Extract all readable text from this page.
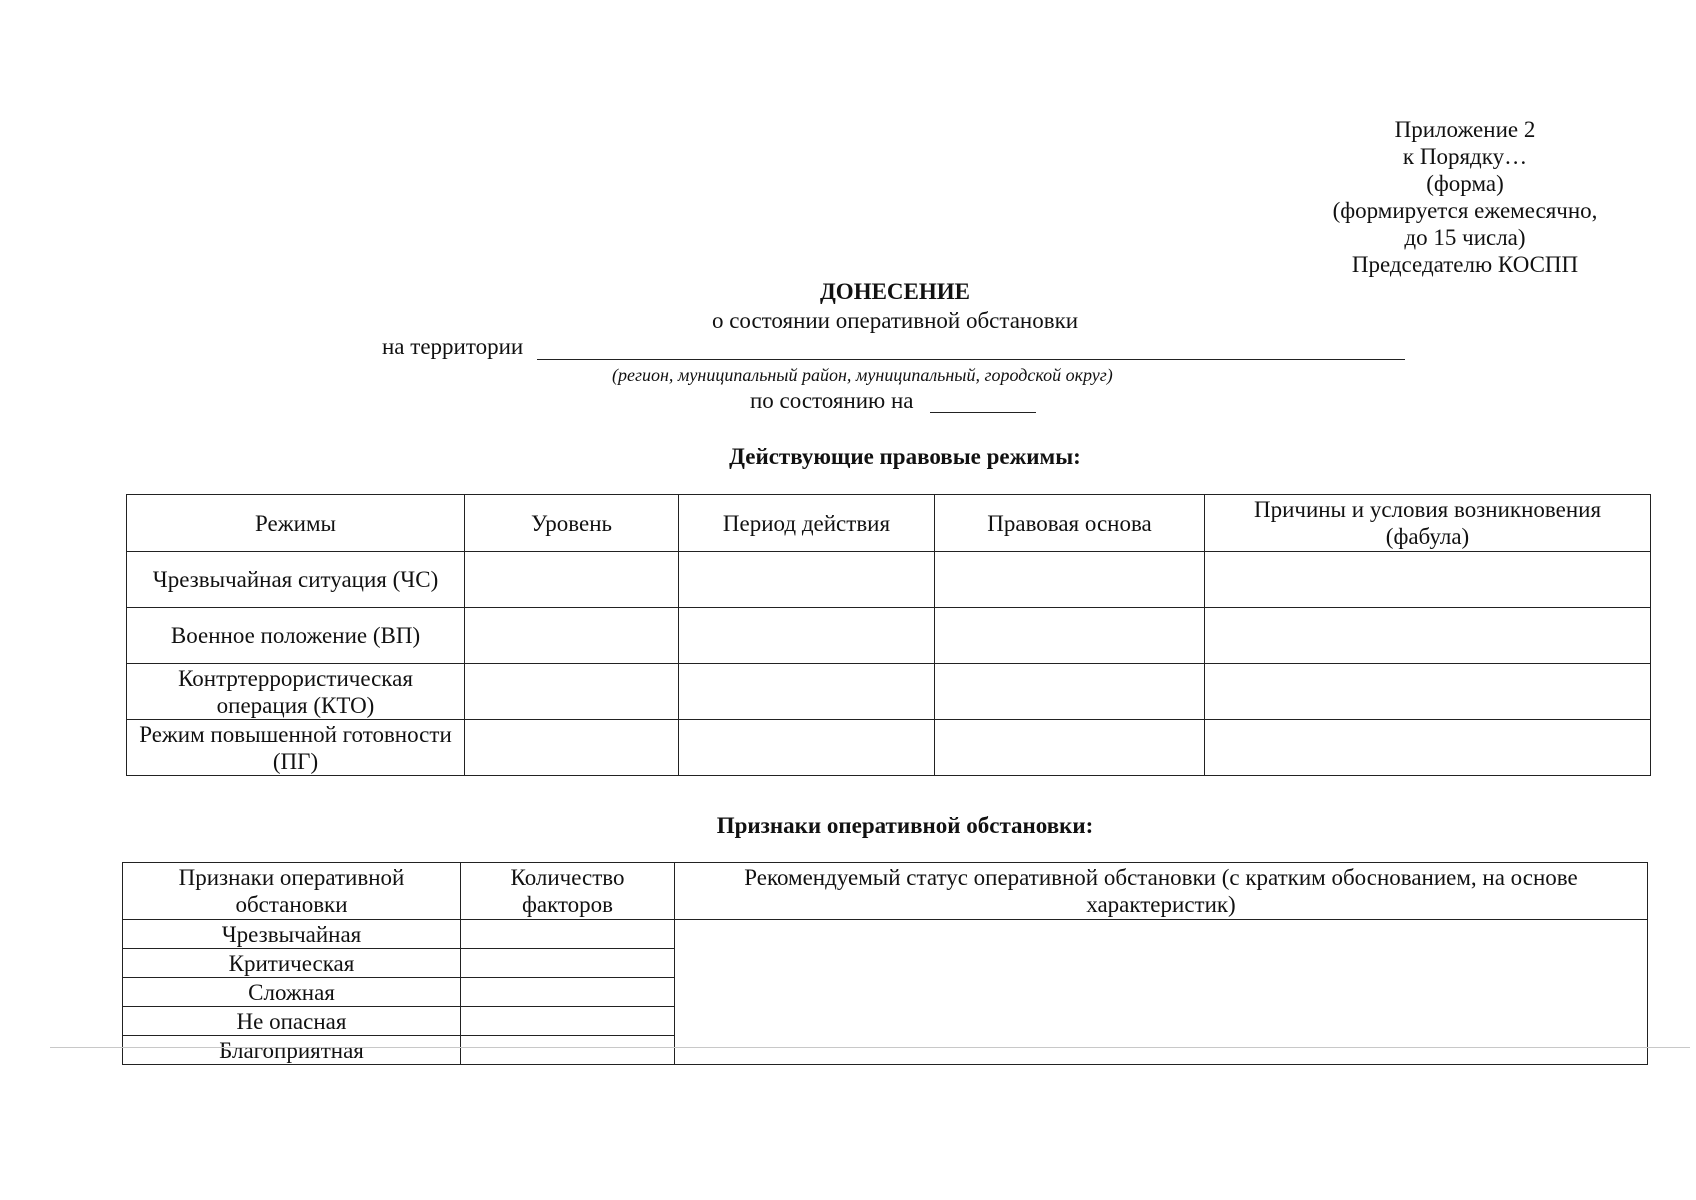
Приложение 2
к Порядку…
(форма)
(формируется ежемесячно,
до 15 числа)
Председателю КОСПП
ДОНЕСЕНИЕ
о состоянии оперативной обстановки
на территории
(регион, муниципальный район, муниципальный, городской округ)
по состоянию на
Действующие правовые режимы:
Режимы	Уровень	Период действия	Правовая основа	Причины и условия возникновения (фабула)
Чрезвычайная ситуация (ЧС)				
Военное положение (ВП)				
Контртеррористическая операция (КТО)				
Режим повышенной готовности (ПГ)				
Признаки оперативной обстановки:
Признаки оперативной обстановки	Количество факторов	Рекомендуемый статус оперативной обстановки (с кратким обоснованием, на основе характеристик)
Чрезвычайная		
Критическая		
Сложная		
Не опасная		
Благоприятная		
